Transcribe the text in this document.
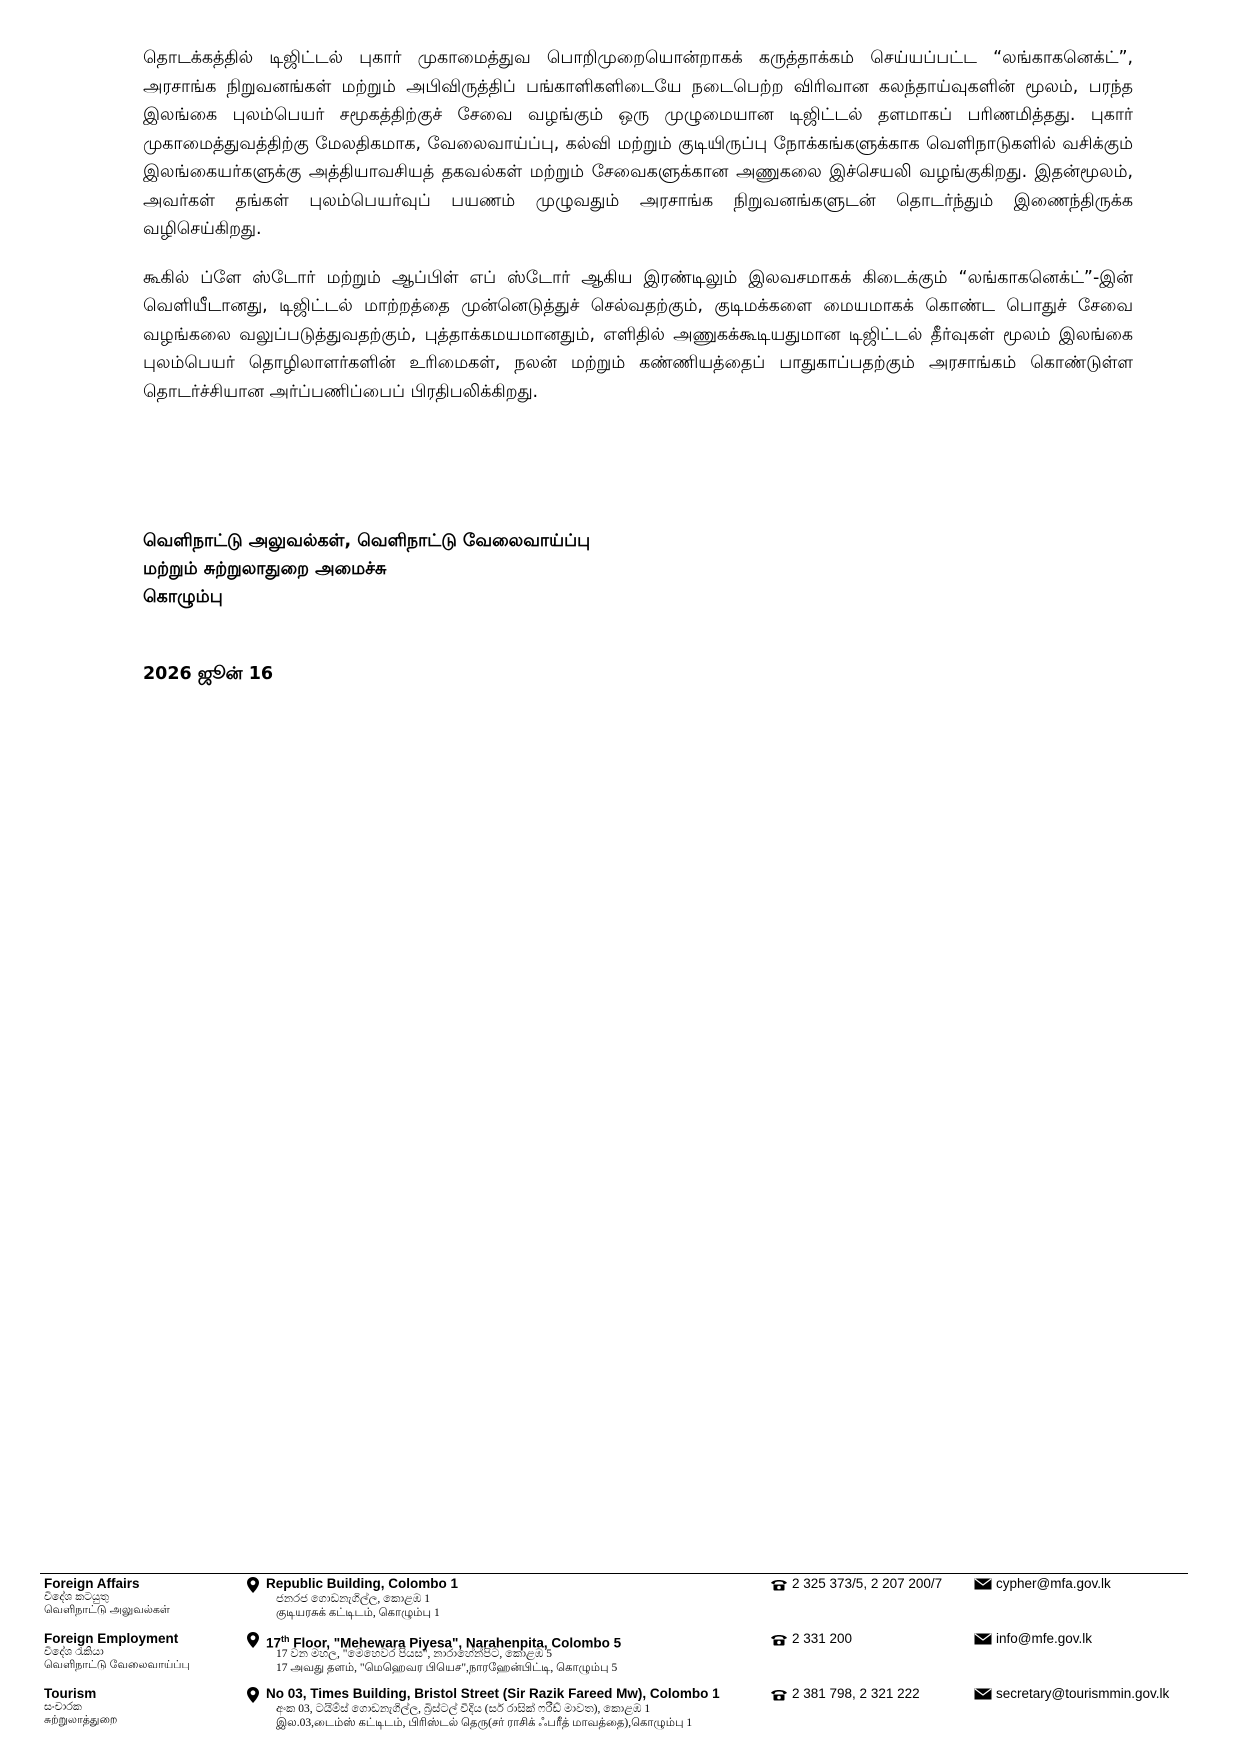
தொடக்கத்தில் டிஜிட்டல் புகார் முகாமைத்துவ பொறிமுறையொன்றாகக் கருத்தாக்கம் செய்யப்பட்ட “லங்காகனெக்ட்”, அரசாங்க நிறுவனங்கள் மற்றும் அபிவிருத்திப் பங்காளிகளிடையே நடைபெற்ற விரிவான கலந்தாய்வுகளின் மூலம், பரந்த இலங்கை புலம்பெயர் சமூகத்திற்குச் சேவை வழங்கும் ஒரு முழுமையான டிஜிட்டல் தளமாகப் பரிணமித்தது. புகார் முகாமைத்துவத்திற்கு மேலதிகமாக, வேலைவாய்ப்பு, கல்வி மற்றும் குடியிருப்பு நோக்கங்களுக்காக வெளிநாடுகளில் வசிக்கும் இலங்கையர்களுக்கு அத்தியாவசியத் தகவல்கள் மற்றும் சேவைகளுக்கான அணுகலை இச்செயலி வழங்குகிறது. இதன்மூலம், அவர்கள் தங்கள் புலம்பெயர்வுப் பயணம் முழுவதும் அரசாங்க நிறுவனங்களுடன் தொடர்ந்தும் இணைந்திருக்க வழிசெய்கிறது.

கூகில் ப்ளே ஸ்டோர் மற்றும் ஆப்பிள் எப் ஸ்டோர் ஆகிய இரண்டிலும் இலவசமாகக் கிடைக்கும் “லங்காகனெக்ட்”-இன் வெளியீடானது, டிஜிட்டல் மாற்றத்தை முன்னெடுத்துச் செல்வதற்கும், குடிமக்களை மையமாகக் கொண்ட பொதுச் சேவை வழங்கலை வலுப்படுத்துவதற்கும், புத்தாக்கமயமானதும், எளிதில் அணுகக்கூடியதுமான டிஜிட்டல் தீர்வுகள் மூலம் இலங்கை புலம்பெயர் தொழிலாளர்களின் உரிமைகள், நலன் மற்றும் கண்ணியத்தைப் பாதுகாப்பதற்கும் அரசாங்கம் கொண்டுள்ள தொடர்ச்சியான அர்ப்பணிப்பைப் பிரதிபலிக்கிறது.

வெளிநாட்டு அலுவல்கள், வெளிநாட்டு வேலைவாய்ப்பு
மற்றும் சுற்றுலாதுறை அமைச்சு
கொழும்பு
2026 ஜூன் 16
Foreign Affairs
විදේශ කටයුතු
வெளிநாட்டு அலுவல்கள்
Republic Building, Colombo 1
ජනරජ ගොඩනැගිල්ල, කොළඹ 1
குடியரசுக் கட்டிடம், கொழும்பு 1
2 325 373/5, 2 207 200/7	cypher@mfa.gov.lk
Foreign Employment
විදේශ රැකියා
வெளிநாட்டு வேலைவாய்ப்பு
17th Floor, "Mehewara Piyesa", Narahenpita, Colombo 5
17 වන මහල, "මෙහෙවර පියස", නාරාහේන්පිට, කොළඹ 5
17 அவது தளம், "மெஹெவர பியெச",நாரஹேன்பிட்டி, கொழும்பு 5
2 331 200	info@mfe.gov.lk
Tourism
සංචාරක
சுற்றுலாத்துறை
No 03, Times Building, Bristol Street (Sir Razik Fareed Mw), Colombo 1
අංක 03, ටයිම්ස් ගොඩනැගිල්ල, බ්‍රිස්ටල් වීදිය (සර් රාසික් ෆරීඩ් මාවත), කොළඹ 1
இல.03,டைம்ஸ் கட்டிடம், பிரிஸ்டல் தெரு(சர் ராசிக் ஃபரீத் மாவத்தை),கொழும்பு 1
2 381 798, 2 321 222	secretary@tourismmin.gov.lk
